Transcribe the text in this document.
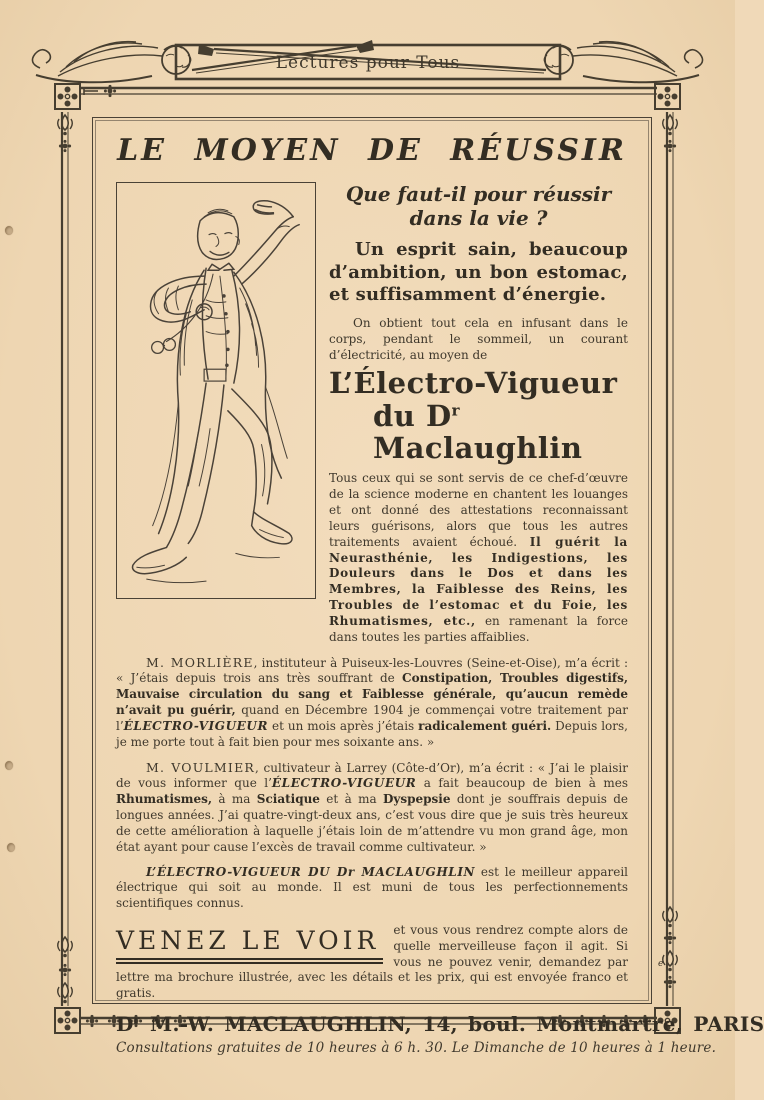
Lectures pour Tous
LE MOYEN DE RÉUSSIR

Que faut-il pour réussir
dans la vie ?

Un esprit sain, beaucoup d’ambition, un bon estomac, et suffisamment d’énergie.

On obtient tout cela en infusant dans le corps, pendant le sommeil, un courant d’électricité, au moyen de

L’Électro-Vigueur
du $D^r$ Maclaughlin

Tous ceux qui se sont servis de ce chef-d’œuvre de la science moderne en chantent les louanges et ont donné des attestations reconnaissant leurs guérisons, alors que tous les autres traitements avaient échoué. Il guérit la Neurasthénie, les Indigestions, les Douleurs dans le Dos et dans les Membres, la Faiblesse des Reins, les Troubles de l’estomac et du Foie, les Rhumatismes, etc., en ramenant la force dans toutes les parties affaiblies.

M. MORLIÈRE, instituteur à Puiseux-les-Louvres (Seine-et-Oise), m’a écrit : « J’étais depuis trois ans très souffrant de Constipation, Troubles digestifs, Mauvaise circulation du sang et Faiblesse générale, qu’aucun remède n’avait pu guérir, quand en Décembre 1904 je commençai votre traitement par l’ÉLECTRO-VIGUEUR et un mois après j’étais radicalement guéri. Depuis lors, je me porte tout à fait bien pour mes soixante ans. »

M. VOULMIER, cultivateur à Larrey (Côte-d’Or), m’a écrit : « J’ai le plaisir de vous informer que l’ÉLECTRO-VIGUEUR a fait beaucoup de bien à mes Rhumatismes, à ma Sciatique et à ma Dyspepsie dont je souffrais depuis de longues années. J’ai quatre-vingt-deux ans, c’est vous dire que je suis très heureux de cette amélioration à laquelle j’étais loin de m’attendre vu mon grand âge, mon état ayant pour cause l’excès de travail comme cultivateur. »

L’ÉLECTRO-VIGUEUR DU Dr MACLAUGHLIN est le meilleur appareil électrique qui soit au monde. Il est muni de tous les perfectionnements scientifiques connus.

VENEZ LE VOIR	et vous vous rendrez compte alors de quelle merveilleuse façon il agit. Si vous ne pouvez venir, demandez par lettre ma brochure illustrée, avec les détails et les prix, qui est envoyée franco et gratis.

$D^r$ M.-W. MACLAUGHLIN, 14, boul. Montmartre, PARIS

Consultations gratuites de 10 heures à 6 h. 30. Le Dimanche de 10 heures à 1 heure.

e
